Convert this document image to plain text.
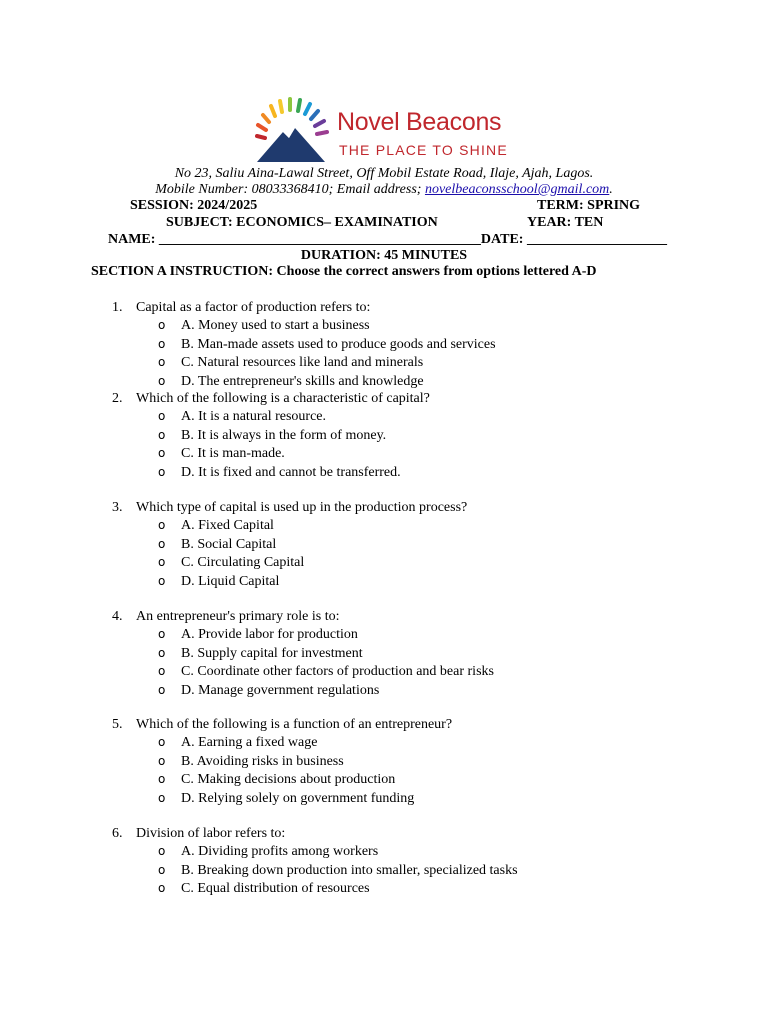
Novel Beacons
THE PLACE TO SHINE
No 23, Saliu Aina-Lawal Street, Off Mobil Estate Road, Ilaje, Ajah, Lagos.
Mobile Number: 08033368410; Email address; novelbeaconsschool@gmail.com.
SESSION: 2024/2025	TERM: SPRING
SUBJECT: ECONOMICS– EXAMINATION	YEAR: TEN
NAME: ______________________________________________DATE: ____________________
DURATION: 45 MINUTES
SECTION A INSTRUCTION: Choose the correct answers from options lettered A-D
1. Capital as a factor of production refers to:
o A. Money used to start a business
o B. Man-made assets used to produce goods and services
o C. Natural resources like land and minerals
o D. The entrepreneur's skills and knowledge
2. Which of the following is a characteristic of capital?
o A. It is a natural resource.
o B. It is always in the form of money.
o C. It is man-made.
o D. It is fixed and cannot be transferred.
3. Which type of capital is used up in the production process?
o A. Fixed Capital
o B. Social Capital
o C. Circulating Capital
o D. Liquid Capital
4. An entrepreneur's primary role is to:
o A. Provide labor for production
o B. Supply capital for investment
o C. Coordinate other factors of production and bear risks
o D. Manage government regulations
5. Which of the following is a function of an entrepreneur?
o A. Earning a fixed wage
o B. Avoiding risks in business
o C. Making decisions about production
o D. Relying solely on government funding
6. Division of labor refers to:
o A. Dividing profits among workers
o B. Breaking down production into smaller, specialized tasks
o C. Equal distribution of resources
